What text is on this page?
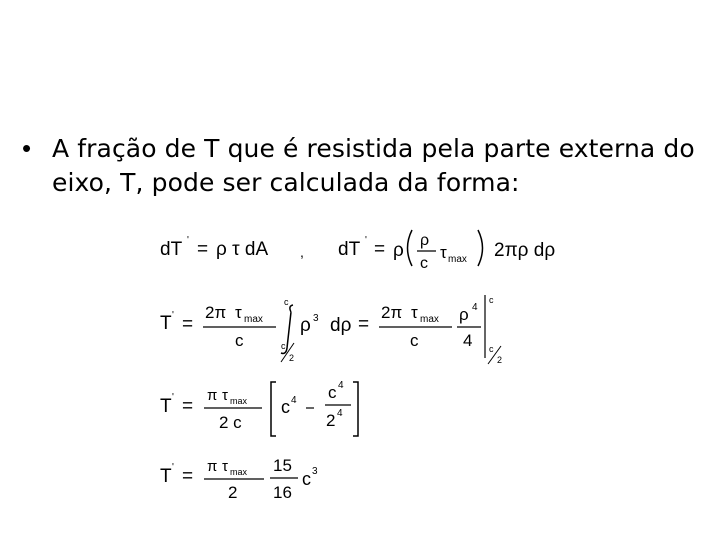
• A fração de T que é resistida pela parte externa do eixo, T, pode ser calculada da forma:
dT ' = ρ τ dA , dT ' = ρ ρ
c
τ max 2πρ dρ
T ' =
2π τ max
c
c
c
2
ρ 3 dρ =
2π τ max
c
ρ 4
4
c
c
2
T ' =
π τ max
2 c
c 4 c 4
2 4
T ' = π τ max
2
15
16
c 3
